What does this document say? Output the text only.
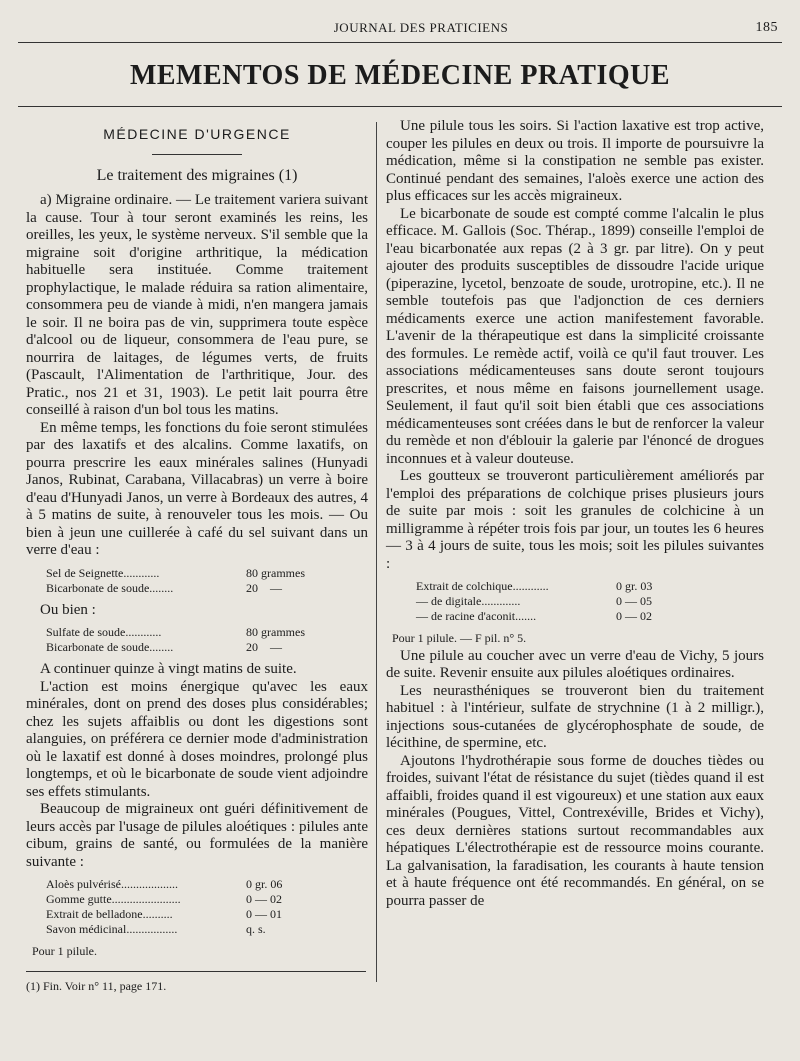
JOURNAL DES PRATICIENS	185
MEMENTOS DE MÉDECINE PRATIQUE
MÉDECINE D'URGENCE
Le traitement des migraines (1)

a) Migraine ordinaire. — Le traitement variera suivant la cause. Tour à tour seront examinés les reins, les oreilles, les yeux, le système nerveux. S'il semble que la migraine soit d'origine arthritique, la médication habituelle sera instituée. Comme traitement prophylactique, le malade réduira sa ration alimentaire, consommera peu de viande à midi, n'en mangera jamais le soir. Il ne boira pas de vin, supprimera toute espèce d'alcool ou de liqueur, consommera de l'eau pure, se nourrira de laitages, de légumes verts, de fruits (Pascault, l'Alimentation de l'arthritique, Jour. des Pratic., nos 21 et 31, 1903). Le petit lait pourra être conseillé à raison d'un bol tous les matins.

En même temps, les fonctions du foie seront stimulées par des laxatifs et des alcalins. Comme laxatifs, on pourra prescrire les eaux minérales salines (Hunyadi Janos, Rubinat, Carabana, Villacabras) un verre à boire d'eau d'Hunyadi Janos, un verre à Bordeaux des autres, 4 à 5 matins de suite, à renouveler tous les mois. — Ou bien à jeun une cuillerée à café du sel suivant dans un verre d'eau :

Sel de Seignette............	80 grammes
Bicarbonate de soude........	20    —

Ou bien :

Sulfate de soude............	80 grammes
Bicarbonate de soude........	20    —

A continuer quinze à vingt matins de suite.

L'action est moins énergique qu'avec les eaux minérales, dont on prend des doses plus considérables; chez les sujets affaiblis ou dont les digestions sont alanguies, on préférera ce dernier mode d'administration où le laxatif est donné à doses moindres, prolongé plus longtemps, et où le bicarbonate de soude vient adjoindre ses effets stimulants.

Beaucoup de migraineux ont guéri définitivement de leurs accès par l'usage de pilules aloétiques : pilules ante cibum, grains de santé, ou formulées de la manière suivante :

Aloès pulvérisé...................	0 gr. 06
Gomme gutte.......................	0 — 02
Extrait de belladone..........	0 — 01
Savon médicinal.................	q. s.
Pour 1 pilule.
(1) Fin. Voir n° 11, page 171.

Une pilule tous les soirs. Si l'action laxative est trop active, couper les pilules en deux ou trois. Il importe de poursuivre la médication, même si la constipation ne semble pas exister. Continué pendant des semaines, l'aloès exerce une action des plus efficaces sur les accès migraineux.

Le bicarbonate de soude est compté comme l'alcalin le plus efficace. M. Gallois (Soc. Thérap., 1899) conseille l'emploi de l'eau bicarbonatée aux repas (2 à 3 gr. par litre). On y peut ajouter des produits susceptibles de dissoudre l'acide urique (piperazine, lycetol, benzoate de soude, urotropine, etc.). Il ne semble toutefois pas que l'adjonction de ces derniers médicaments exerce une action manifestement favorable. L'avenir de la thérapeutique est dans la simplicité croissante des formules. Le remède actif, voilà ce qu'il faut trouver. Les associations médicamenteuses sans doute seront toujours prescrites, et nous même en faisons journellement usage. Seulement, il faut qu'il soit bien établi que ces associations médicamenteuses sont créées dans le but de renforcer la valeur du remède et non d'éblouir la galerie par l'énoncé de drogues inconnues et à valeur douteuse.

Les goutteux se trouveront particulièrement améliorés par l'emploi des préparations de colchique prises plusieurs jours de suite par mois : soit les granules de colchicine à un milligramme à répéter trois fois par jour, un toutes les 6 heures — 3 à 4 jours de suite, tous les mois; soit les pilules suivantes :

Extrait de colchique............	0 gr. 03
— de digitale.............	0 — 05
— de racine d'aconit.......	0 — 02
Pour 1 pilule. — F pil. n° 5.

Une pilule au coucher avec un verre d'eau de Vichy, 5 jours de suite. Revenir ensuite aux pilules aloétiques ordinaires.

Les neurasthéniques se trouveront bien du traitement habituel : à l'intérieur, sulfate de strychnine (1 à 2 milligr.), injections sous-cutanées de glycérophosphate de soude, de lécithine, de spermine, etc.

Ajoutons l'hydrothérapie sous forme de douches tièdes ou froides, suivant l'état de résistance du sujet (tièdes quand il est affaibli, froides quand il est vigoureux) et une station aux eaux minérales (Pougues, Vittel, Contrexéville, Brides et Vichy), ces deux dernières stations surtout recommandables aux hépatiques L'électrothérapie est de ressource moins courante. La galvanisation, la faradisation, les courants à haute tension et à haute fréquence ont été recommandés. En général, on se pourra passer de
